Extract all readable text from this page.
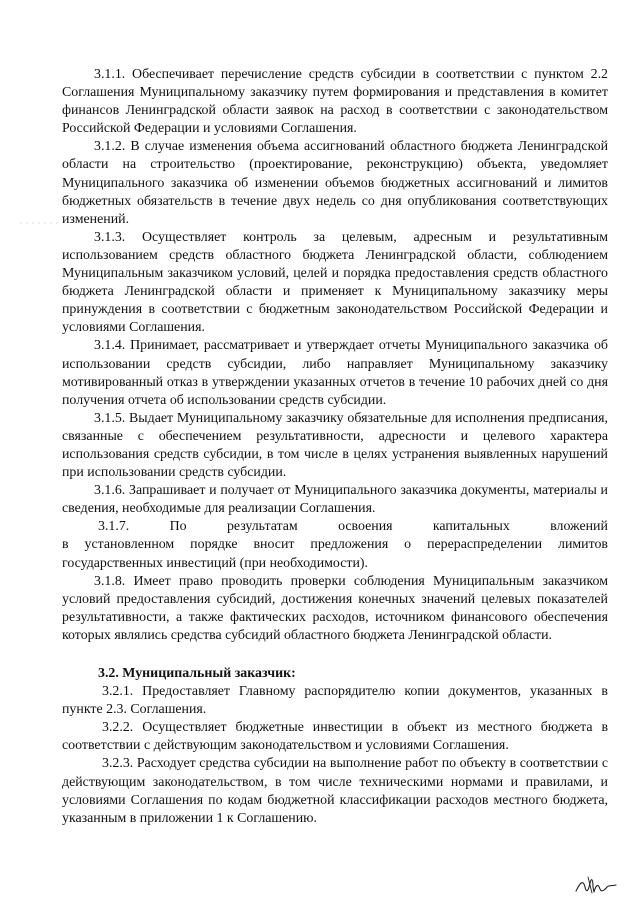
3.1.1. Обеспечивает перечисление средств субсидии в соответствии с пунктом 2.2 Соглашения Муниципальному заказчику путем формирования и представления в комитет финансов Ленинградской области заявок на расход в соответствии с законодательством Российской Федерации и условиями Соглашения.

3.1.2. В случае изменения объема ассигнований областного бюджета Ленинградской области на строительство (проектирование, реконструкцию) объекта, уведомляет Муниципального заказчика об изменении объемов бюджетных ассигнований и лимитов бюджетных обязательств в течение двух недель со дня опубликования соответствующих изменений.

3.1.3. Осуществляет контроль за целевым, адресным и результативным использованием средств областного бюджета Ленинградской области, соблюдением Муниципальным заказчиком условий, целей и порядка предоставления средств областного бюджета Ленинградской области и применяет к Муниципальному заказчику меры принуждения в соответствии с бюджетным законодательством Российской Федерации и условиями Соглашения.

3.1.4. Принимает, рассматривает и утверждает отчеты Муниципального заказчика об использовании средств субсидии, либо направляет Муниципальному заказчику мотивированный отказ в утверждении указанных отчетов в течение 10 рабочих дней со дня получения отчета об использовании средств субсидии.

3.1.5. Выдает Муниципальному заказчику обязательные для исполнения предписания, связанные с обеспечением результативности, адресности и целевого характера использования средств субсидии, в том числе в целях устранения выявленных нарушений при использовании средств субсидии.

3.1.6. Запрашивает и получает от Муниципального заказчика документы, материалы и сведения, необходимые для реализации Соглашения.

3.1.7.	По	результатам	освоения	капитальных	вложений

в установленном порядке вносит предложения о перераспределении лимитов государственных инвестиций (при необходимости).

3.1.8. Имеет право проводить проверки соблюдения Муниципальным заказчиком условий предоставления субсидий, достижения конечных значений целевых показателей результативности, а также фактических расходов, источником финансового обеспечения которых являлись средства субсидий областного бюджета Ленинградской области.

3.2. Муниципальный заказчик:

3.2.1. Предоставляет Главному распорядителю копии документов, указанных в пункте 2.3. Соглашения.

3.2.2. Осуществляет бюджетные инвестиции в объект из местного бюджета в соответствии с действующим законодательством и условиями Соглашения.

3.2.3. Расходует средства субсидии на выполнение работ по объекту в соответствии с действующим законодательством, в том числе техническими нормами и правилами, и условиями Соглашения по кодам бюджетной классификации расходов местного бюджета, указанным в приложении 1 к Соглашению.
